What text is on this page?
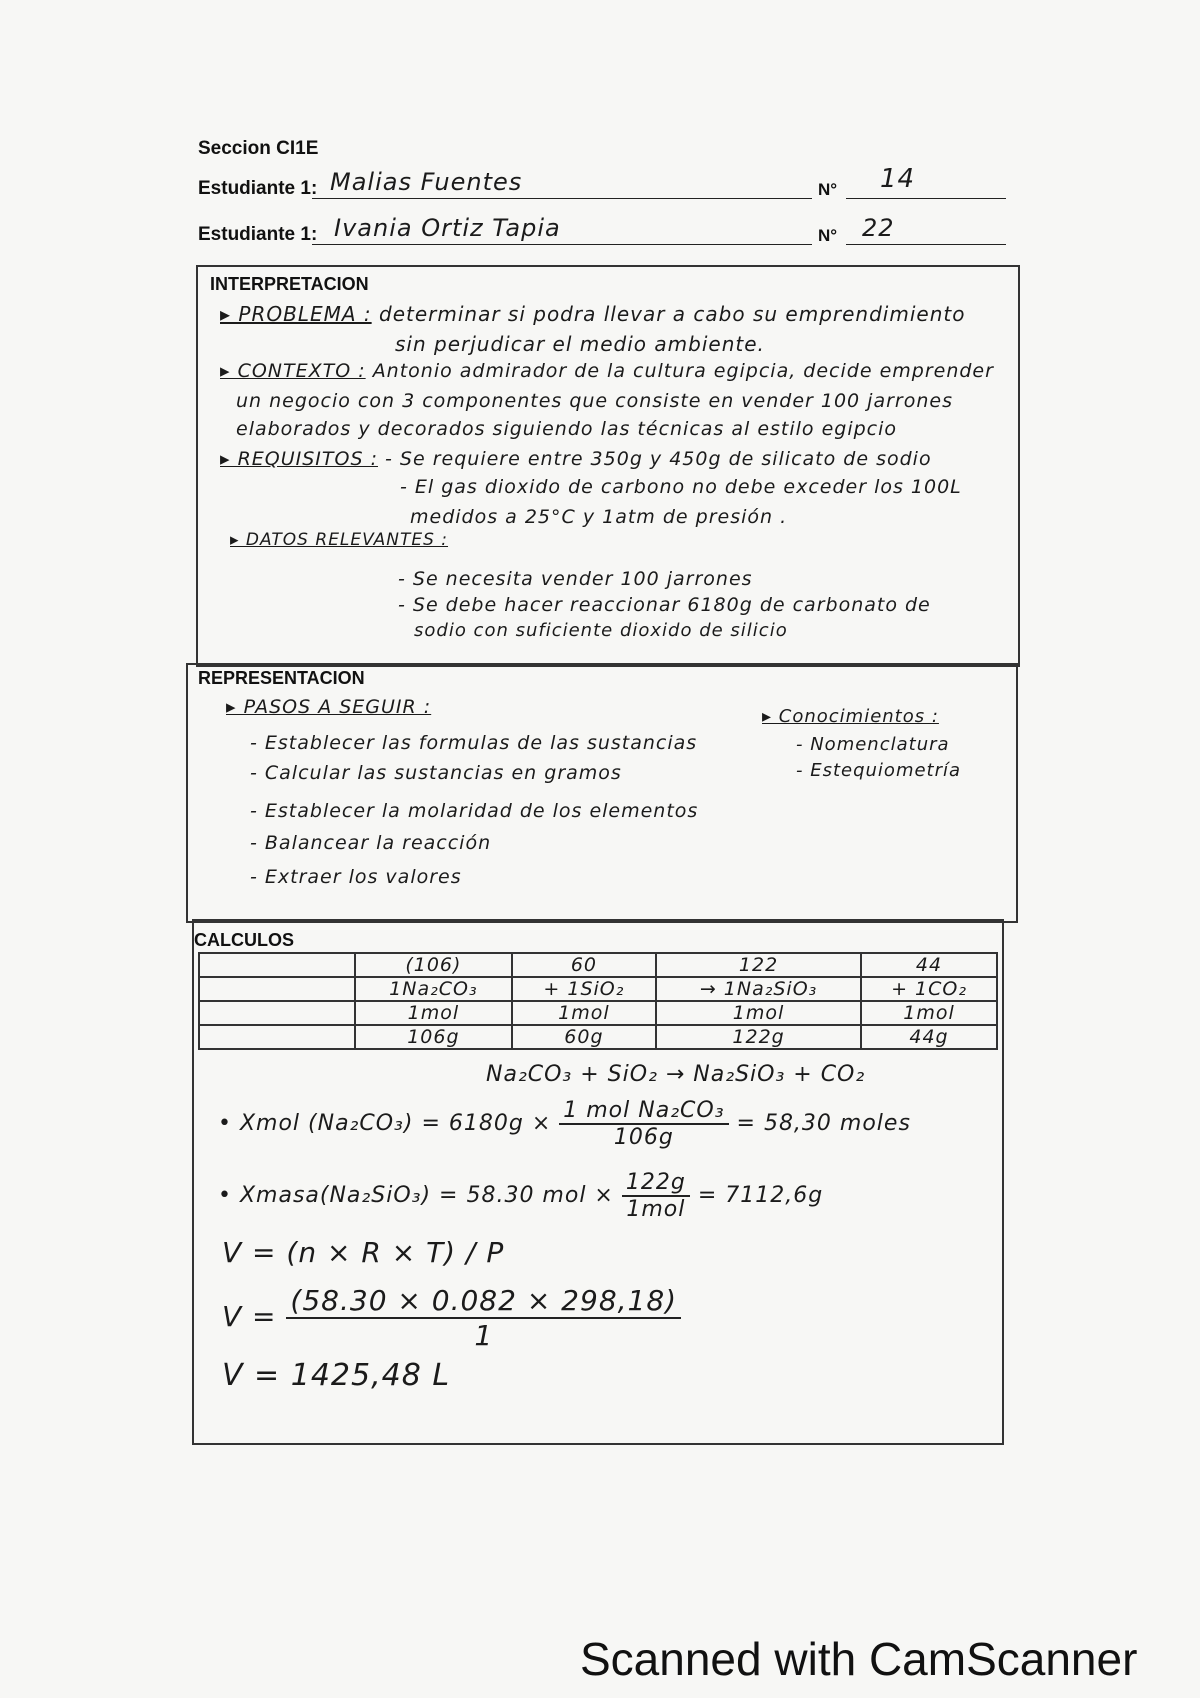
Seccion CI1E
Estudiante 1: Malias Fuentes	N° 14
Estudiante 1: Ivania Ortiz Tapia	N° 22
INTERPRETACION
▸ PROBLEMA : determinar si podra llevar a cabo su emprendimiento
sin perjudicar el medio ambiente.
▸ CONTEXTO : Antonio admirador de la cultura egipcia, decide emprender
un negocio con 3 componentes que consiste en vender 100 jarrones
elaborados y decorados siguiendo las técnicas al estilo egipcio
▸ REQUISITOS : - Se requiere entre 350g y 450g de silicato de sodio
- El gas dioxido de carbono no debe exceder los 100L
medidos a 25°C y 1atm de presión .
▸ DATOS RELEVANTES :
- Se necesita vender 100 jarrones
- Se debe hacer reaccionar 6180g de carbonato de
sodio con suficiente dioxido de silicio
REPRESENTACION
▸ PASOS A SEGUIR :
- Establecer las formulas de las sustancias
- Calcular las sustancias en gramos
- Establecer la molaridad de los elementos
- Balancear la reacción
- Extraer los valores
▸ Conocimientos :
- Nomenclatura
- Estequiometría
CALCULOS
	(106)	60	122	44
	1Na₂CO₃	+ 1SiO₂	→ 1Na₂SiO₃	+ 1CO₂
	1mol	1mol	1mol	1mol
	106g	60g	122g	44g
Na₂CO₃ + SiO₂ → Na₂SiO₃ + CO₂
• Xmol $(Na_2CO_3) = 6180g \times \frac{\text{1 mol Na₂CO₃}}{106g} = 58,30$ moles
• Xmasa(Na₂SiO₃) = 58.30 mol × $\frac{122g}{\text{1mol}} = 7112,6g$
V = (n × R × T) / P
$V = \frac{(58.30 \times 0.082 \times 298,18)}{1}$
V = 1425,48 L
Scanned with CamScanner
